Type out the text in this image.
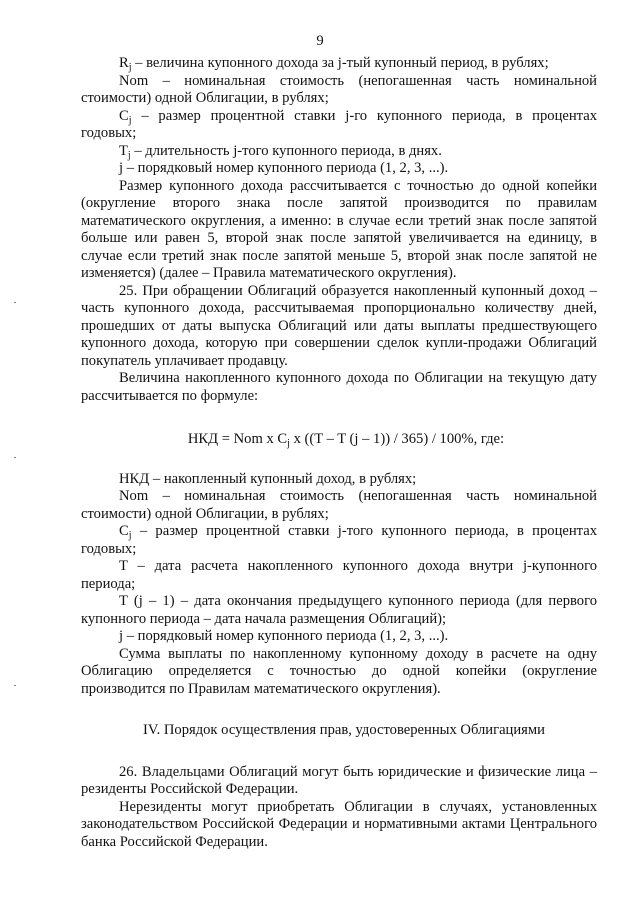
9

$R_j$ – величина купонного дохода за j-тый купонный период, в рублях;

Nom – номинальная стоимость (непогашенная часть номинальной стоимости) одной Облигации, в рублях;

$C_j$ – размер процентной ставки j-го купонного периода, в процентах годовых;

$T_j$ – длительность j-того купонного периода, в днях.

j – порядковый номер купонного периода (1, 2, 3, ...).

Размер купонного дохода рассчитывается с точностью до одной копейки (округление второго знака после запятой производится по правилам математического округления, а именно: в случае если третий знак после запятой больше или равен 5, второй знак после запятой увеличивается на единицу, в случае если третий знак после запятой меньше 5, второй знак после запятой не изменяется) (далее – Правила математического округления).

25. При обращении Облигаций образуется накопленный купонный доход – часть купонного дохода, рассчитываемая пропорционально количеству дней, прошедших от даты выпуска Облигаций или даты выплаты предшествующего купонного дохода, которую при совершении сделок купли-продажи Облигаций покупатель уплачивает продавцу.

Величина накопленного купонного дохода по Облигации на текущую дату рассчитывается по формуле:

НКД = Nom x $C_j$ x ((T – T (j – 1)) / 365) / 100%, где:

НКД – накопленный купонный доход, в рублях;

Nom – номинальная стоимость (непогашенная часть номинальной стоимости) одной Облигации, в рублях;

$C_j$ – размер процентной ставки j-того купонного периода, в процентах годовых;

T – дата расчета накопленного купонного дохода внутри j-купонного периода;

T (j – 1) – дата окончания предыдущего купонного периода (для первого купонного периода – дата начала размещения Облигаций);

j – порядковый номер купонного периода (1, 2, 3, ...).

Сумма выплаты по накопленному купонному доходу в расчете на одну Облигацию определяется с точностью до одной копейки (округление производится по Правилам математического округления).

IV. Порядок осуществления прав, удостоверенных Облигациями

26. Владельцами Облигаций могут быть юридические и физические лица – резиденты Российской Федерации.

Нерезиденты могут приобретать Облигации в случаях, установленных законодательством Российской Федерации и нормативными актами Центрального банка Российской Федерации.
